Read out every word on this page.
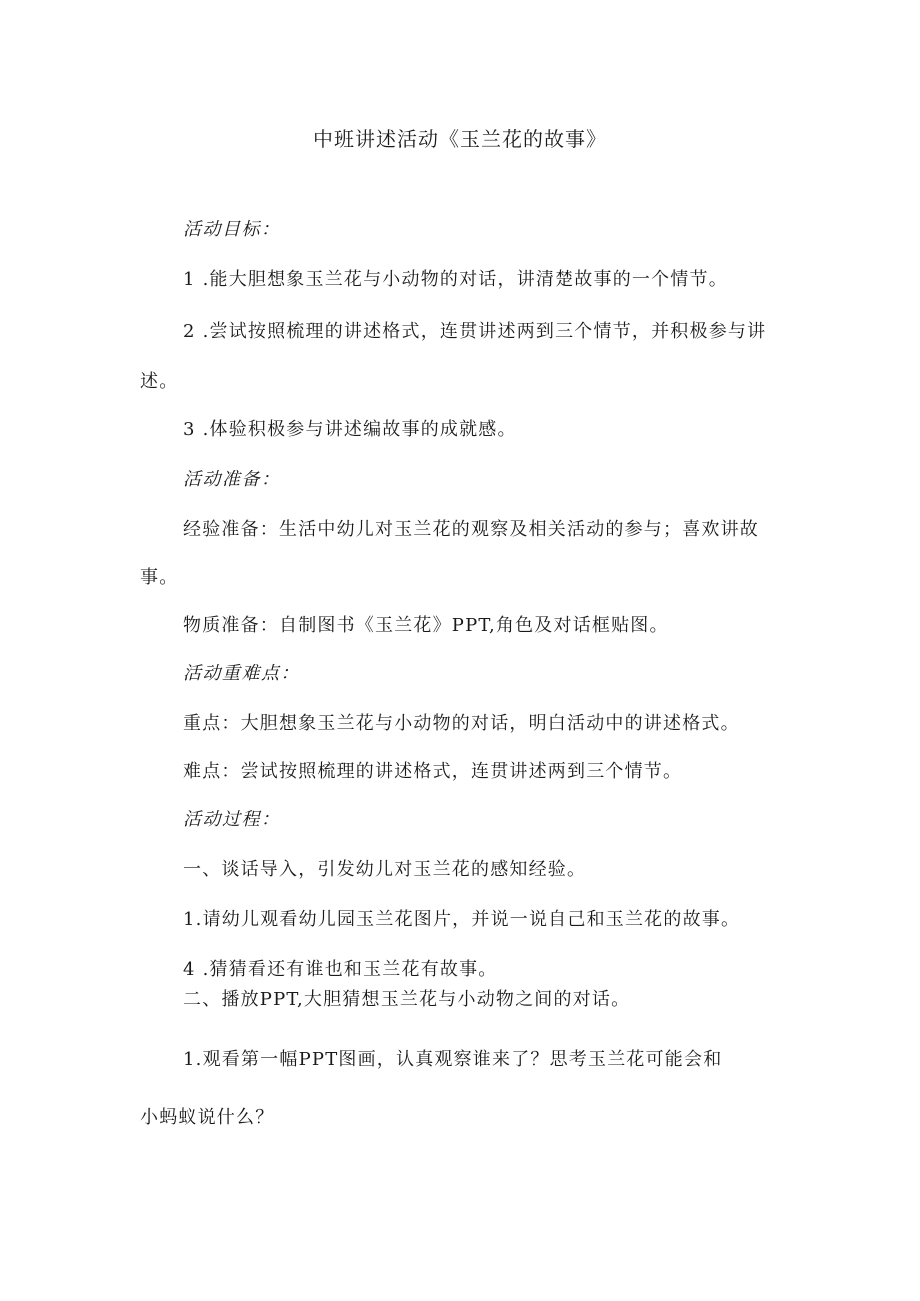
中班讲述活动《玉兰花的故事》
活动目标：
1 .能大胆想象玉兰花与小动物的对话，讲清楚故事的一个情节。
2 .尝试按照梳理的讲述格式，连贯讲述两到三个情节，并积极参与讲
述。
3 .体验积极参与讲述编故事的成就感。
活动准备：
经验准备：生活中幼儿对玉兰花的观察及相关活动的参与；喜欢讲故
事。
物质准备：自制图书《玉兰花》PPT,角色及对话框贴图。
活动重难点：
重点：大胆想象玉兰花与小动物的对话，明白活动中的讲述格式。
难点：尝试按照梳理的讲述格式，连贯讲述两到三个情节。
活动过程：
一、谈话导入，引发幼儿对玉兰花的感知经验。
1.请幼儿观看幼儿园玉兰花图片，并说一说自己和玉兰花的故事。
4 .猜猜看还有谁也和玉兰花有故事。
二、播放PPT,大胆猜想玉兰花与小动物之间的对话。
1.观看第一幅PPT图画，认真观察谁来了？思考玉兰花可能会和
小蚂蚁说什么？
